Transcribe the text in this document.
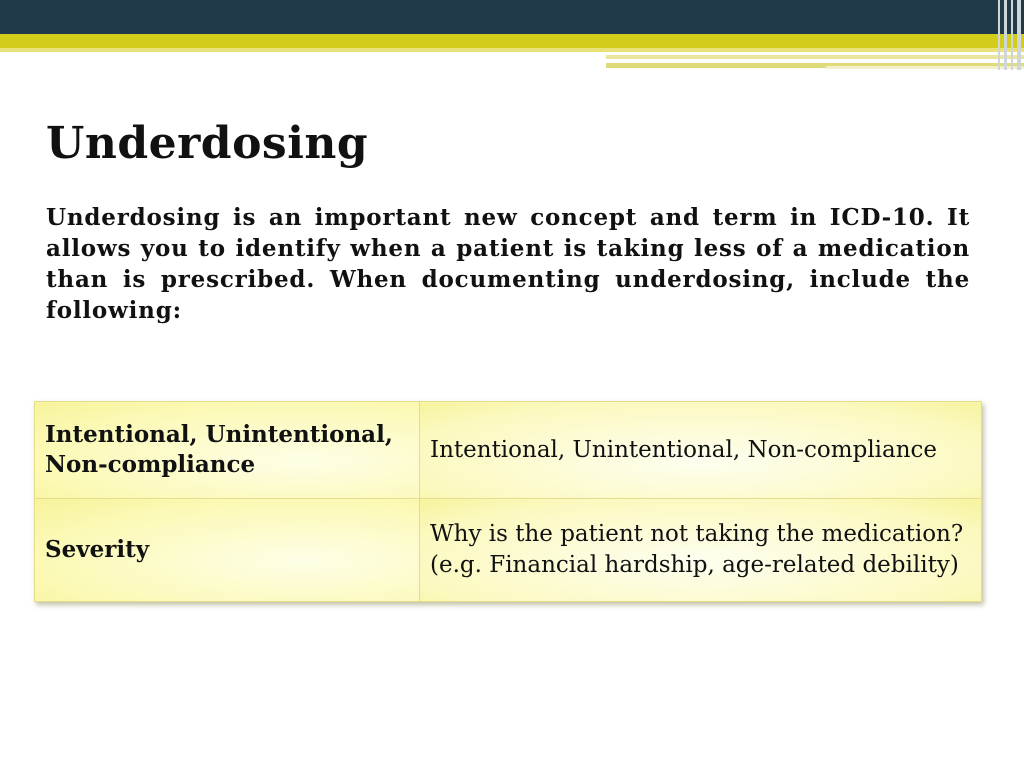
Underdosing
Underdosing is an important new concept and term in ICD-10. It allows you to identify when a patient is taking less of a medication than is prescribed. When documenting underdosing, include the following:
Intentional, Unintentional, Non-compliance	Intentional, Unintentional, Non-compliance
Severity	Why is the patient not taking the medication? (e.g. Financial hardship, age-related debility)
